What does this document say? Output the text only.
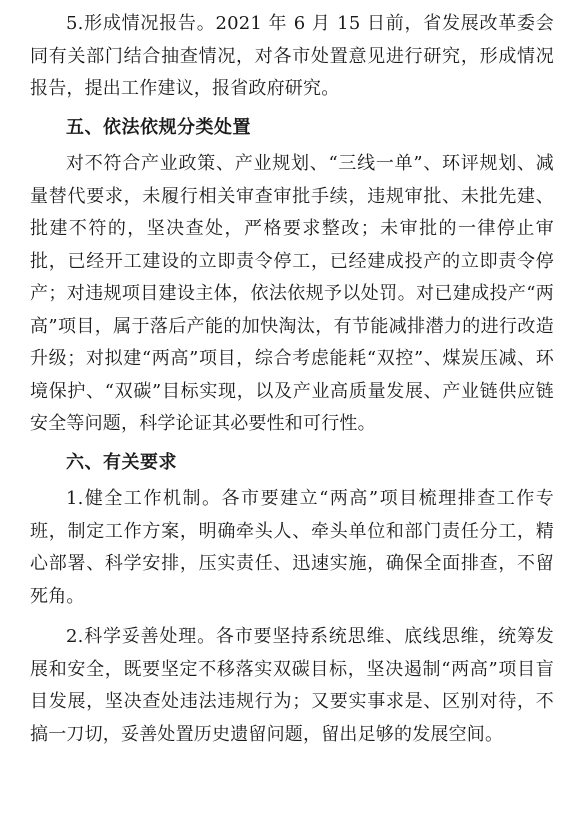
5.形成情况报告。2021 年 6 月 15 日前，省发展改革委会同有关部门结合抽查情况，对各市处置意见进行研究，形成情况报告，提出工作建议，报省政府研究。

五、依法依规分类处置

对不符合产业政策、产业规划、“三线一单”、环评规划、减量替代要求，未履行相关审查审批手续，违规审批、未批先建、批建不符的，坚决查处，严格要求整改；未审批的一律停止审批，已经开工建设的立即责令停工，已经建成投产的立即责令停产；对违规项目建设主体，依法依规予以处罚。对已建成投产“两高”项目，属于落后产能的加快淘汰，有节能减排潜力的进行改造升级；对拟建“两高”项目，综合考虑能耗“双控”、煤炭压减、环境保护、“双碳”目标实现，以及产业高质量发展、产业链供应链安全等问题，科学论证其必要性和可行性。

六、有关要求

1.健全工作机制。各市要建立“两高”项目梳理排查工作专班，制定工作方案，明确牵头人、牵头单位和部门责任分工，精心部署、科学安排，压实责任、迅速实施，确保全面排查，不留死角。

2.科学妥善处理。各市要坚持系统思维、底线思维，统筹发展和安全，既要坚定不移落实双碳目标，坚决遏制“两高”项目盲目发展，坚决查处违法违规行为；又要实事求是、区别对待，不搞一刀切，妥善处置历史遗留问题，留出足够的发展空间。
